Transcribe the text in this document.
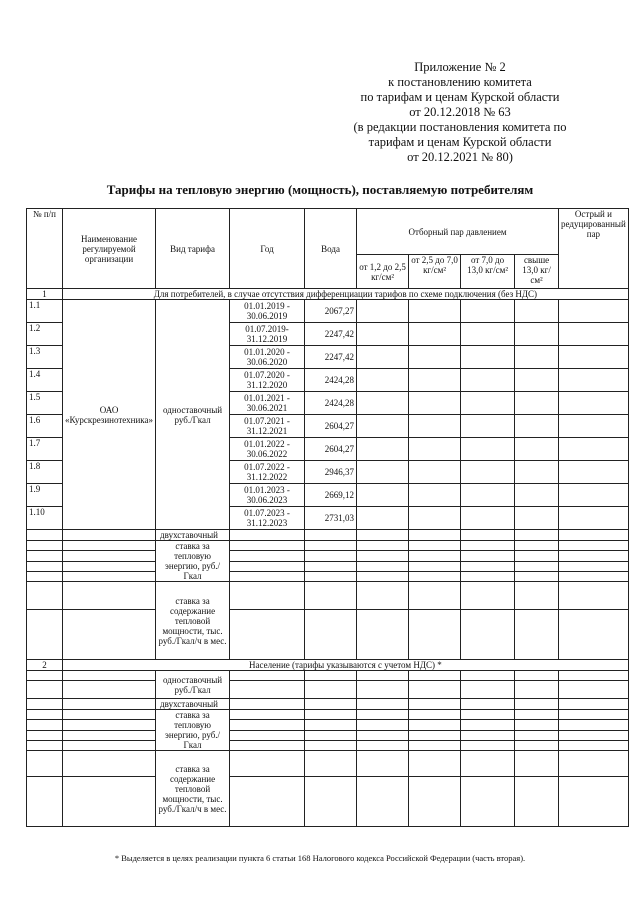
Приложение № 2
к постановлению комитета
по тарифам и ценам Курской области
от 20.12.2018 № 63
(в редакции постановления комитета по
тарифам и ценам Курской области
от 20.12.2021 № 80)
Тарифы на тепловую энергию (мощность), поставляемую потребителям
№ п/п	Наименование регулируемой организации	Вид тарифа	Год	Вода	Отборный пар давлением				Острый и редуцированный пар
					от 1,2 до 2,5 кг/см²	от 2,5 до 7,0 кг/см²	от 7,0 до 13,0 кг/см²	свыше 13,0 кг/см²	
1	Для потребителей, в случае отсутствия дифференциации тарифов по схеме подключения (без НДС)								
1.1	ОАО «Курскрезинотехника»	одноставочный руб./Гкал	01.01.2019 - 30.06.2019	2067,27					
1.2			01.07.2019- 31.12.2019	2247,42					
1.3			01.01.2020 - 30.06.2020	2247,42					
1.4			01.07.2020 - 31.12.2020	2424,28					
1.5			01.01.2021 - 30.06.2021	2424,28					
1.6			01.07.2021 - 31.12.2021	2604,27					
1.7			01.01.2022 - 30.06.2022	2604,27					
1.8			01.07.2022 - 31.12.2022	2946,37					
1.9			01.01.2023 - 30.06.2023	2669,12					
1.10			01.07.2023 - 31.12.2023	2731,03					
		двухставочный							
		ставка за тепловую энергию, руб./Гкал							

		ставка за содержание тепловой мощности, тыс. руб./Гкал/ч в мес.							

2	Население (тарифы указываются с учетом НДС) *								
		одноставочный руб./Гкал							

		двухставочный							
		ставка за тепловую энергию, руб./Гкал							

		ставка за содержание тепловой мощности, тыс. руб./Гкал/ч в мес.							

* Выделяется в целях реализации пункта 6 статьи 168 Налогового кодекса Российской Федерации (часть вторая).
